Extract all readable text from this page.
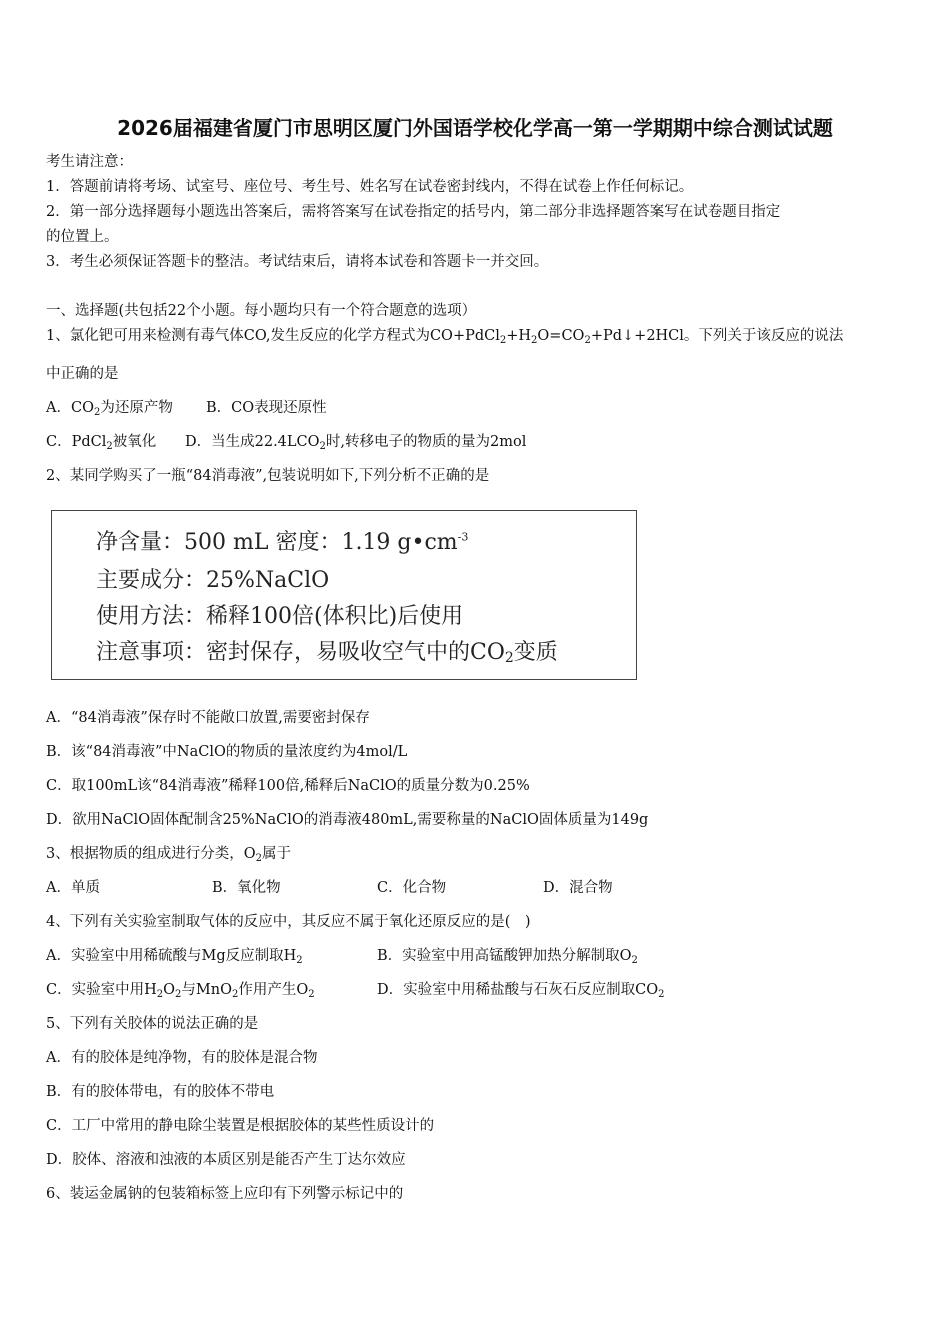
2026届福建省厦门市思明区厦门外国语学校化学高一第一学期期中综合测试试题
考生请注意：
1．答题前请将考场、试室号、座位号、考生号、姓名写在试卷密封线内，不得在试卷上作任何标记。
2．第一部分选择题每小题选出答案后，需将答案写在试卷指定的括号内，第二部分非选择题答案写在试卷题目指定
的位置上。
3．考生必须保证答题卡的整洁。考试结束后，请将本试卷和答题卡一并交回。
一、选择题(共包括22个小题。每小题均只有一个符合题意的选项）
1、氯化钯可用来检测有毒气体CO,发生反应的化学方程式为$CO+PdCl_2+H_2O=CO_2+Pd↓+2HCl$。下列关于该反应的说法
中正确的是
A．$CO_2$为还原产物 B．CO表现还原性
C．PdCl$_2$被氧化 D．当生成$22.4LCO_2$时,转移电子的物质的量为2mol
2、某同学购买了一瓶“84消毒液”,包装说明如下,下列分析不正确的是
净含量：500 mL 密度：1.19 $g•cm^{-3}$
主要成分：25%NaClO
使用方法：稀释100倍(体积比)后使用
注意事项：密封保存，易吸收空气中的$CO_2$变质
A．“84消毒液”保存时不能敞口放置,需要密封保存
B．该“84消毒液”中NaClO的物质的量浓度约为4mol/L
C．取100mL该“84消毒液”稀释100倍,稀释后NaClO的质量分数为0.25%
D．欲用NaClO固体配制含25%NaClO的消毒液480mL,需要称量的NaClO固体质量为149g
3、根据物质的组成进行分类，$O_2$属于
A．单质	B．氧化物	C．化合物	D．混合物
4、下列有关实验室制取气体的反应中，其反应不属于氧化还原反应的是(　)
A．实验室中用稀硫酸与Mg反应制取$H_2$	B．实验室中用高锰酸钾加热分解制取$O_2$
C．实验室中用$H_2O_2$与MnO$_2$作用产生$O_2$	D．实验室中用稀盐酸与石灰石反应制取$CO_2$
5、下列有关胶体的说法正确的是
A．有的胶体是纯净物，有的胶体是混合物
B．有的胶体带电，有的胶体不带电
C．工厂中常用的静电除尘装置是根据胶体的某些性质设计的
D．胶体、溶液和浊液的本质区别是能否产生丁达尔效应
6、装运金属钠的包装箱标签上应印有下列警示标记中的
